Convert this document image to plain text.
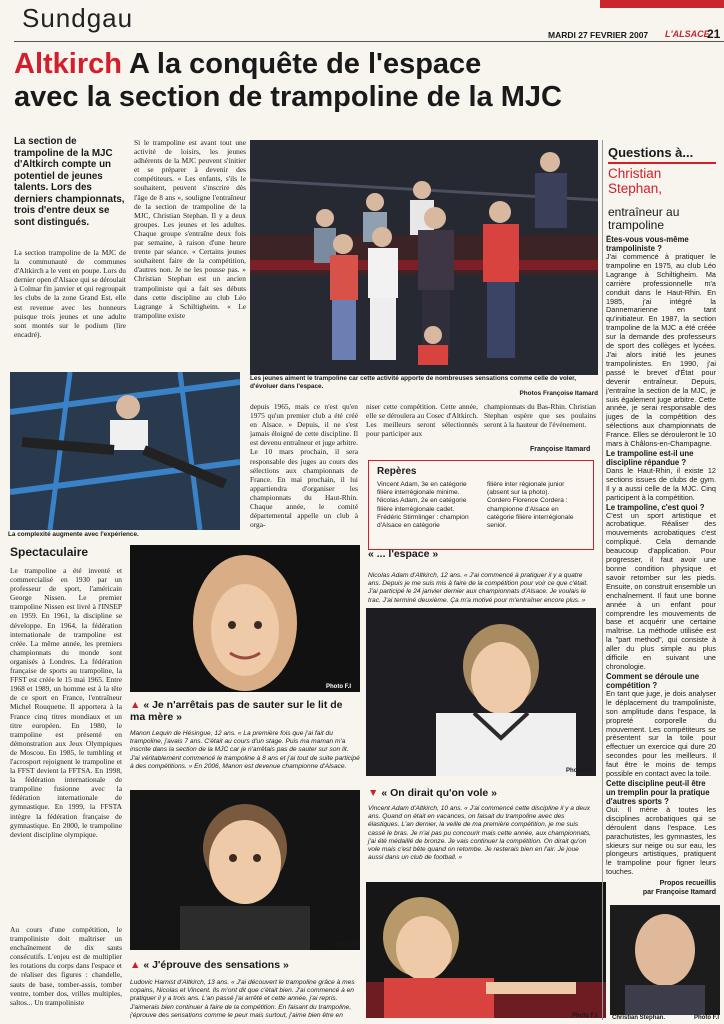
Sundgau
MARDI 27 FEVRIER 2007 L'ALSACE
21
Altkirch A la conquête de l'espace
avec la section de trampoline de la MJC
La section de trampoline de la MJC d'Altkirch compte un potentiel de jeunes talents. Lors des derniers championnats, trois d'entre deux se sont distingués.
La section trampoline de la MJC de la communauté de communes d'Altkirch a le vent en poupe. Lors du dernier open d'Alsace qui se déroulait à Colmar fin janvier et qui regroupait les clubs de la zone Grand Est, elle est revenue avec les honneurs puisque trois jeunes et une adulte sont montés sur le podium (lire encadré).
Si le trampoline est avant tout une activité de loisirs, les jeunes adhérents de la MJC peuvent s'initier et se préparer à devenir des compétiteurs. « Les enfants, s'ils le souhaitent, peuvent s'inscrire dès l'âge de 8 ans », souligne l'entraîneur de la section de trampoline de la MJC, Christian Stephan. Il y a deux groupes. Les jeunes et les adultes. Chaque groupe s'entraîne deux fois par semaine, à raison d'une heure trente par séance. « Certains jeunes souhaitent faire de la compétition, d'autres non. Je ne les pousse pas. » Christian Stephan est un ancien trampoliniste qui a fait ses débuts dans cette discipline au club Léo Lagrange à Schiltigheim. « Le trampoline existe
Les jeunes aiment le trampoline car cette activité apporte de nombreuses sensations comme celle de voler, d'évoluer dans l'espace.
Photos Françoise Itamard
La complexité augmente avec l'expérience.
depuis 1965, mais ce n'est qu'en 1975 qu'un premier club a été créé en Alsace. » Depuis, il ne s'est jamais éloigné de cette discipline. Il est devenu entraîneur et juge arbitre. Le 10 mars prochain, il sera responsable des juges au cours des sélections aux championnats de France. En mai prochain, il lui appartiendra d'organiser les championnats du Haut-Rhin. Chaque année, le comité départemental appelle un club à orga-
niser cette compétition. Cette année, elle se déroulera au Cosec d'Altkirch. Les meilleurs seront sélectionnés pour participer aux
championnats du Bas-Rhin. Christian Stephan espère que ses poulains seront à la hauteur de l'événement.
Françoise Itamard
Repères
Vincent Adam, 3e en catégorie filière interrégionale minime.
Nicolas Adam, 2e en catégorie filière interrégionale cadet.
Frédéric Stirmlinger : champion d'Alsace en catégorie
filière inter régionale junior (absent sur la photo).
Cordero Florence Cordera : championne d'Alsace en catégorie filière interrégionale senior.
Spectaculaire
Le trampoline a été inventé et commercialisé en 1930 par un professeur de sport, l'américain George Nissen. Le premier trampoline Nissen est livré à l'INSEP en 1959. En 1961, la discipline se développe. En 1964, la fédération internationale de trampoline est créée. La même année, les premiers championnats du monde sont organisés à Londres. La fédération française de sports au trampoline, la FFST est créée le 15 mai 1965. Entre 1968 et 1989, un homme est à la tête de ce sport en France, l'entraîneur Michel Rouquette. Il apportera à la France cinq titres mondiaux et un titre européen. En 1980, le trampoline est présenté en démonstration aux Jeux Olympiques de Moscou. En 1985, le tumbling et l'acrosport rejoignent le trampoline et la FFST devient la FFTSA. En 1998, la fédération internationale de trampoline fusionne avec la fédération internationale de gymnastique. En 1999, la FFSTA intègre la fédération française de gymnastique. En 2000, le trampoline devient discipline olympique.
Au cours d'une compétition, le trampoliniste doit maîtriser un enchaînement de dix sauts consécutifs. L'enjeu est de multiplier les rotations du corps dans l'espace et de réaliser des figures : chandelle, sauts de base, tomber-assis, tomber ventre, tomber dos, vrilles multiples, saltos... Un trampoliniste
Photo F.I
▲ « Je n'arrêtais pas de sauter sur le lit de ma mère »
Manon Lequin de Hésingue, 12 ans. « La première fois que j'ai fait du trampoline, j'avais 7 ans. C'était au cours d'un stage. Puis ma maman m'a inscrite dans la section de la MJC car je n'arrêtais pas de sauter sur son lit. J'ai véritablement commencé le trampoline à 8 ans et j'ai tout de suite participé à des compétitions. » En 2006, Manon est devenue championne d'Alsace.
« ... l'espace »
Nicolas Adam d'Altkirch, 12 ans. « J'ai commencé à pratiquer il y a quatre ans. Depuis je me suis mis à faire de la compétition pour voir ce que c'était. J'ai participé le 24 janvier dernier aux championnats d'Alsace. Je voulais le trac. J'ai terminé deuxième. Ça m'a motivé pour m'entraîner encore plus. »
Photo F.I
▼ « On dirait qu'on vole »
Vincent Adam d'Altkirch, 10 ans. « J'ai commencé cette discipline il y a deux ans. Quand on était en vacances, on faisait du trampoline avec des élastiques. L'an dernier, la veille de ma première compétition, je me suis cassé le bras. Je n'ai pas pu concourir mais cette année, aux championnats, j'ai été médaillé de bronze. Je vais continuer la compétition. On dirait qu'on vole mais c'est bête quand on retombe. Je resterais bien en l'air. Je joue aussi dans un club de football. »
Photo F.I
Photo F.I
▲ « J'éprouve des sensations »
Ludovic Harnist d'Altkirch, 13 ans. « J'ai découvert le trampoline grâce à mes copains, Nicolas et Vincent. Ils m'ont dit que c'était bien. J'ai commencé à en pratiquer il y a trois ans. L'an passé j'ai arrêté et cette année, j'ai repris. J'aimerais bien continuer à faire de la compétition. En faisant du trampoline, j'éprouve des sensations comme le peur mais surtout, j'aime bien être en
Questions à...
Christian Stephan,
entraîneur au trampoline
Êtes-vous vous-même trampoliniste ?
J'ai commencé à pratiquer le trampoline en 1975, au club Léo Lagrange à Schiltigheim. Ma carrière professionnelle m'a conduit dans le Haut-Rhin. En 1985, j'ai intégré la Dannemarienne en tant qu'initiateur. En 1987, la section trampoline de la MJC a été créée sur la demande des professeurs de sport des collèges et lycées. J'ai alors initié les jeunes trampolinistes. En 1990, j'ai passé le brevet d'État pour devenir entraîneur. Depuis, j'entraîne la section de la MJC, je suis également juge arbitre. Cette année, je serai responsable des juges de la compétition des sélections aux championnats de France. Elles se dérouleront le 10 mars à Châlons-en-Champagne.
Le trampoline est-il une discipline répandue ?
Dans le Haut-Rhin, il existe 12 sections issues de clubs de gym. Il y a aussi celle de la MJC. Cinq participent à la compétition.
Le trampoline, c'est quoi ?
C'est un sport artistique et acrobatique. Réaliser des mouvements acrobatiques c'est compliqué. Cela demande beaucoup d'application. Pour progresser, il faut avoir une bonne condition physique et savoir retomber sur les pieds. Ensuite, on construit ensemble un enchaînement. Il faut une bonne année à un enfant pour comprendre les mouvements de base et acquérir une certaine maîtrise. La méthode utilisée est la "part method", qui consiste à aller du plus simple au plus difficile en suivant une chronologie.
Comment se déroule une compétition ?
En tant que juge, je dois analyser le déplacement du trampoliniste, son amplitude dans l'espace, la propreté corporelle du mouvement. Les compétiteurs se présentent sur la toile pour effectuer un exercice qui dure 20 secondes pour les meilleurs. Il faut être le moins de temps possible en contact avec la toile.
Cette discipline peut-il être un tremplin pour la pratique d'autres sports ?
Oui. Il mène à toutes les disciplines acrobatiques qui se déroulent dans l'espace. Les parachutistes, les gymnastes, les skieurs sur neige ou sur eau, les plongeurs artistiques, pratiquent le trampoline pour figner leurs touches.
Propos recueillis
par Françoise Itamard
Christian Stephan.	Photo F.I
